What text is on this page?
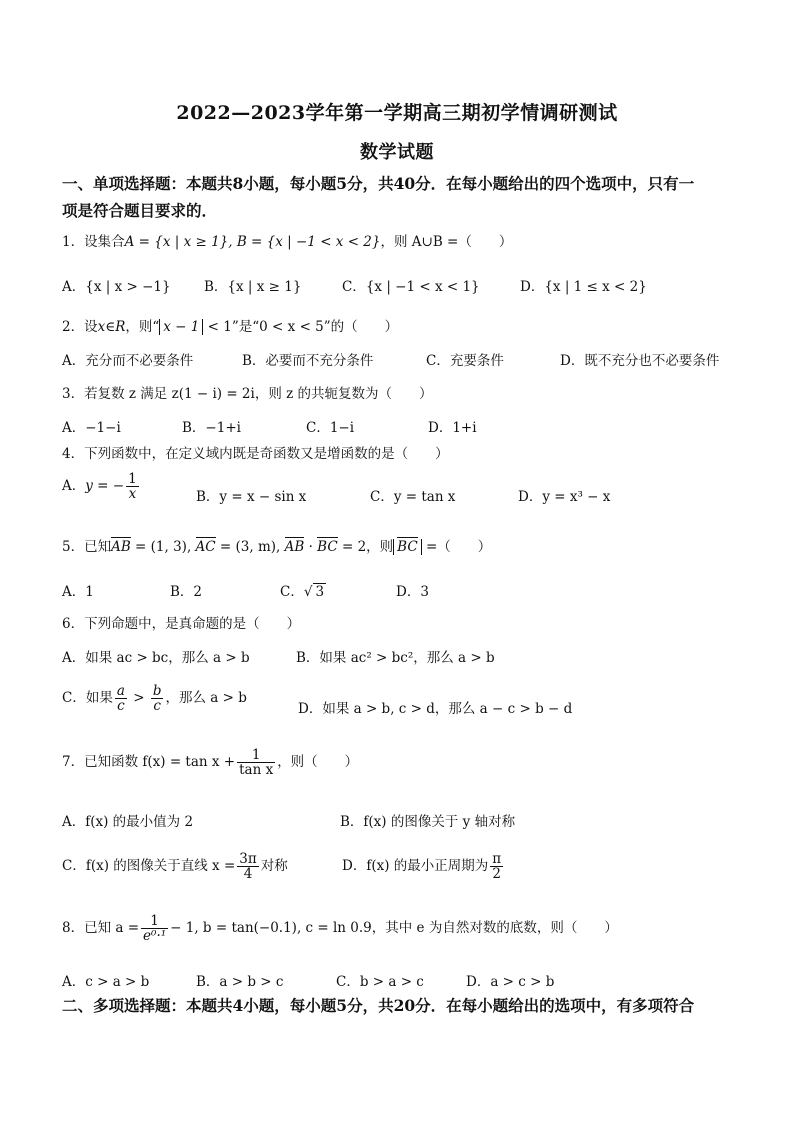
2022—2023学年第一学期高三期初学情调研测试
数学试题
一、单项选择题：本题共8小题，每小题5分，共40分．在每小题给出的四个选项中，只有一
项是符合题目要求的．
1．设集合A = {x | x ≥ 1}, B = {x | −1 < x < 2}，则 A∪B =（　　）
A．{x | x > −1} B．{x | x ≥ 1}	C．{x | −1 < x < 1}	D．{x | 1 ≤ x < 2}
2．设x∈R，则“ x − 1 < 1”是“0 < x < 5”的（　　）
A．充分而不必要条件	B．必要而不充分条件	C．充要条件	D．既不充分也不必要条件
3．若复数 z 满足 z(1 − i) = 2i，则 z 的共轭复数为（　　）
A．−1−i	B．−1+i	C．1−i	D．1+i
4．下列函数中，在定义域内既是奇函数又是增函数的是（　　）
A．y = − $\frac{1}{x}$	B．y = x − sin x	C．y = tan x	D．y = x³ − x
5．已知AB = (1, 3), AC = (3, m), AB · BC = 2，则 BC =（　　）
A．1	B．2	C．√ 3	D．3
6．下列命题中，是真命题的是（　　）
A．如果 ac > bc，那么 a > b	B．如果 ac² > bc²，那么 a > b
C．如果 $\frac{a}{c} > \frac{b}{c}$ ，那么 a > b
D．如果 a > b, c > d，那么 a − c > b − d
7．已知函数 $f(x) = \tan x + \frac{1}{\text{tan x}}$ ，则（　　）
A．f(x) 的最小值为 2	B．f(x) 的图像关于 y 轴对称
C．f(x) 的图像关于直线 $x = \frac{3\pi}{4}$ 对称	D．f(x) 的最小正周期为 $\frac{\pi}{2}$
8．已知 $a = \frac{1}{\text{e⁰·¹}} - 1$, b = tan(−0.1), c = ln 0.9，其中 e 为自然对数的底数，则（　　）
A．c > a > b	B．a > b > c	C．b > a > c	D．a > c > b
二、多项选择题：本题共4小题，每小题5分，共20分．在每小题给出的选项中，有多项符合
